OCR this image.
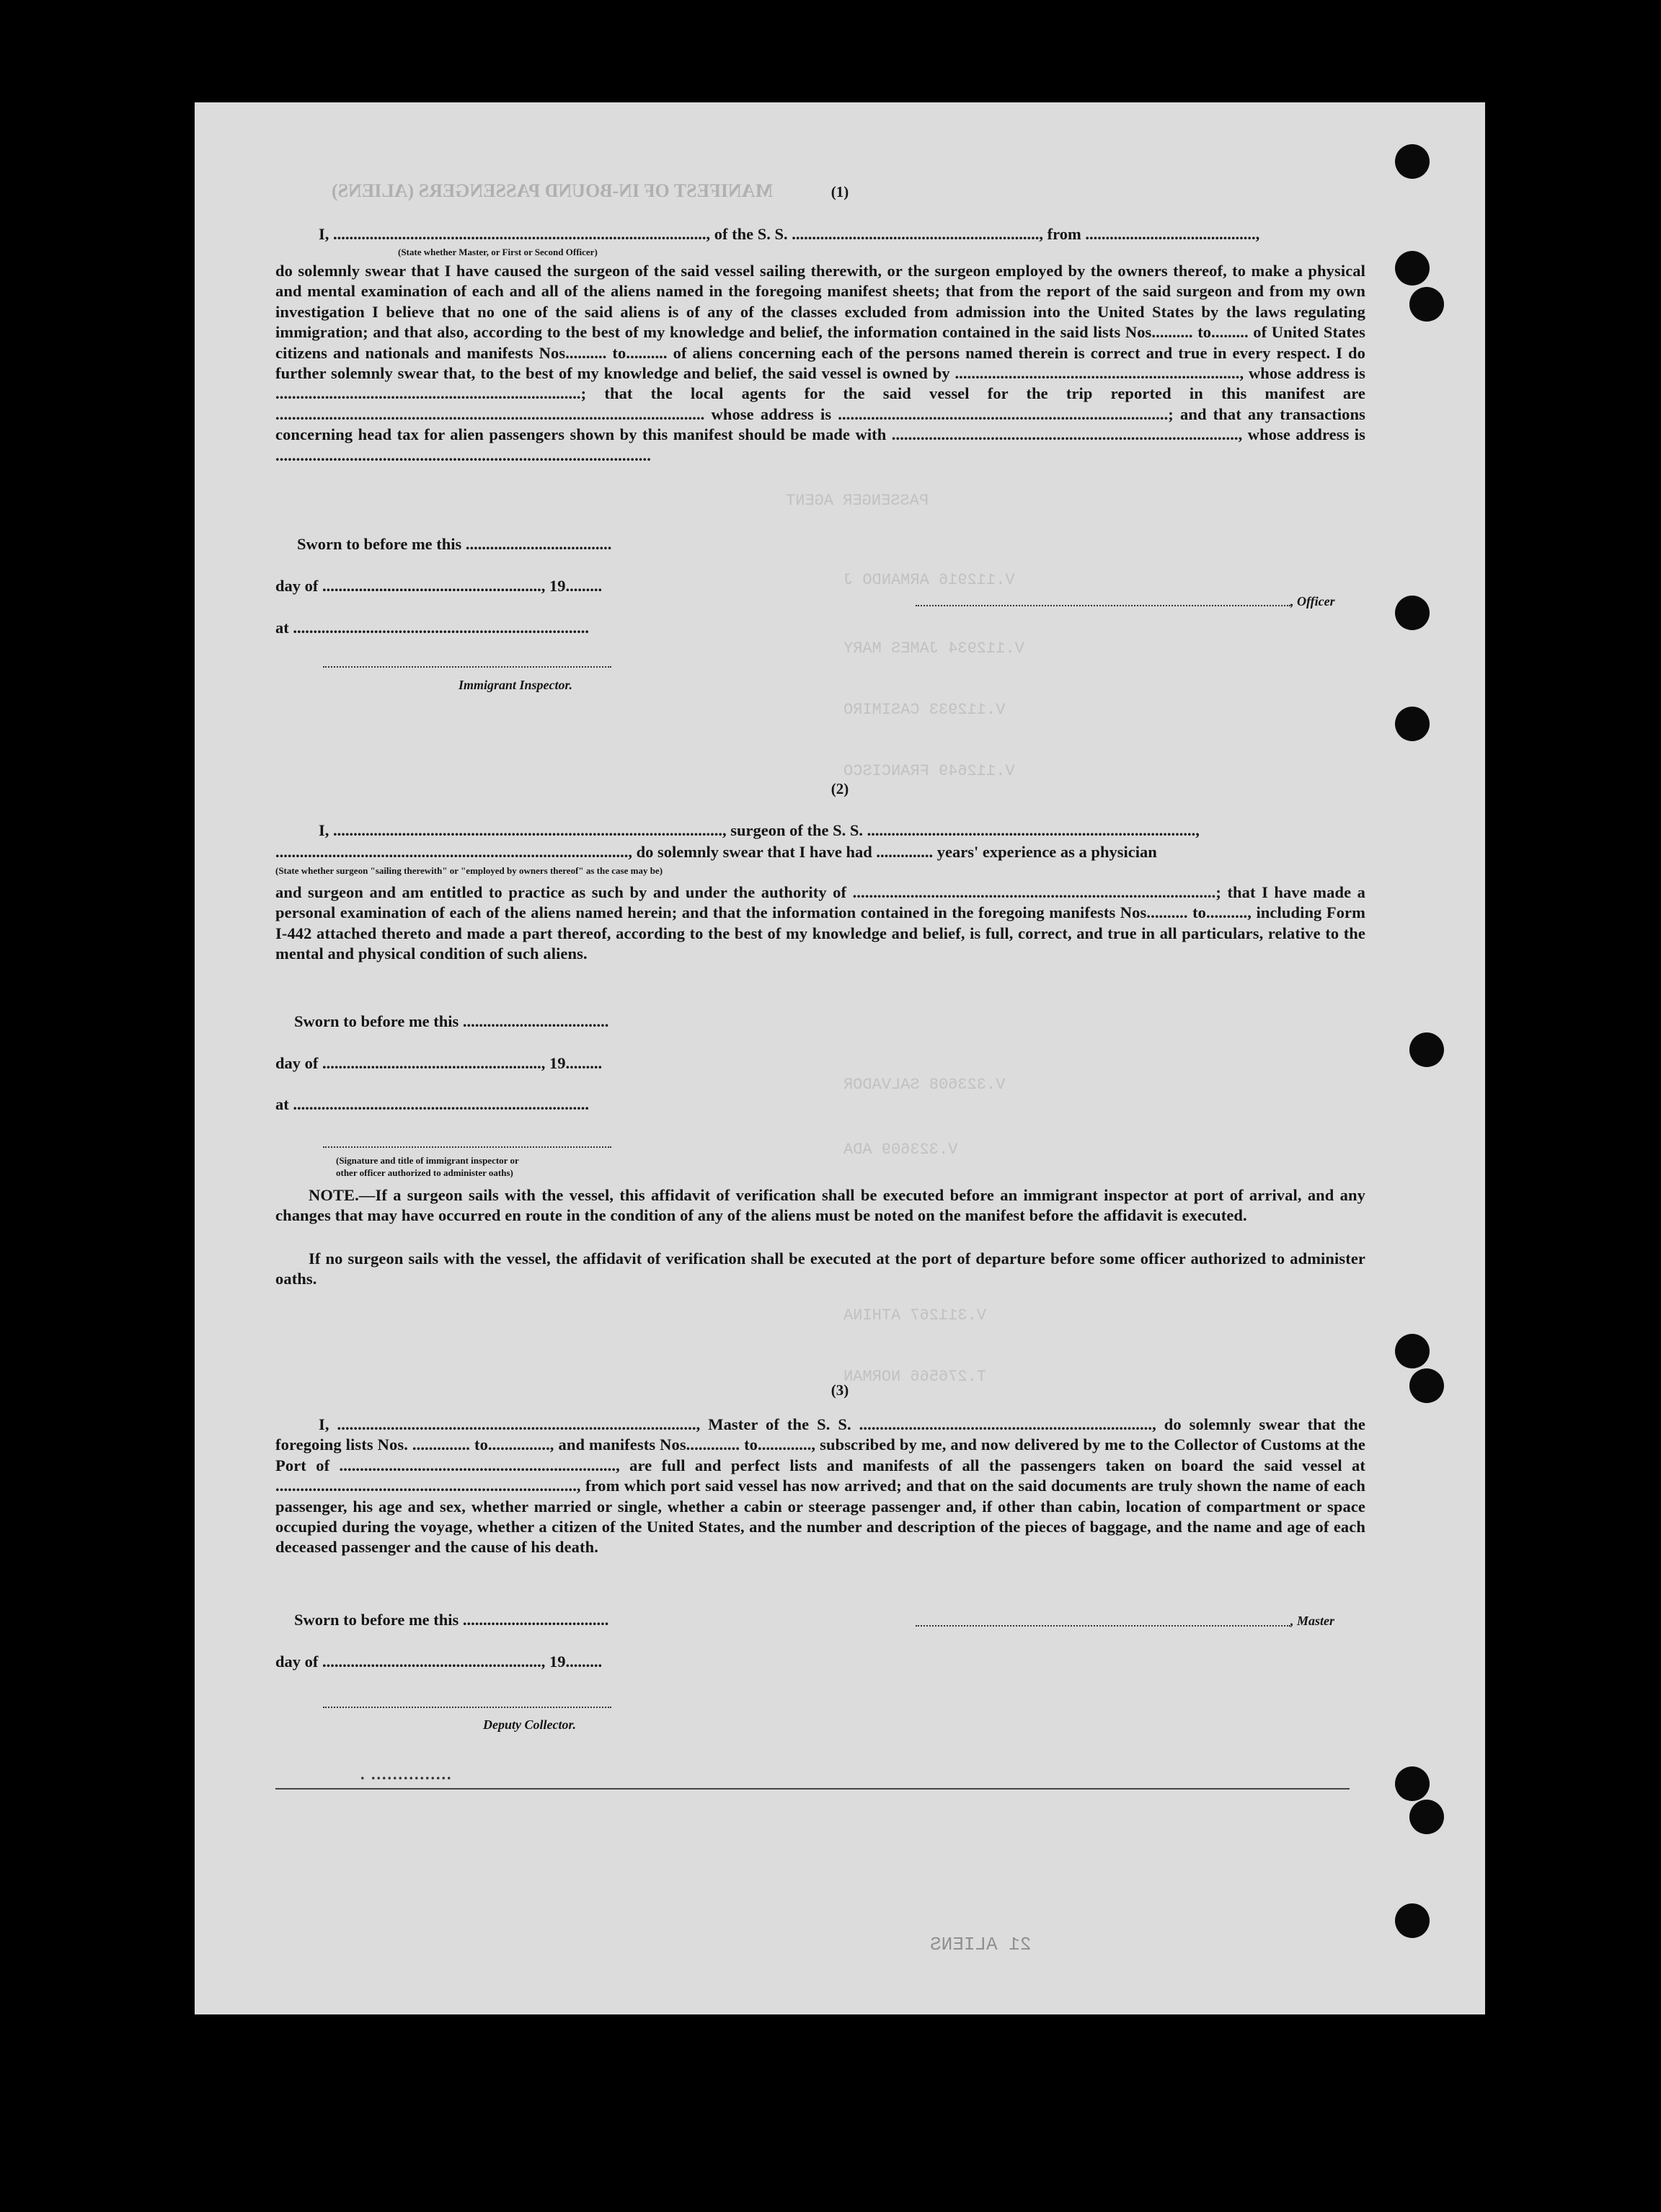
MANIFEST OF IN-BOUND PASSENGERS (ALIENS)
PASSENGER AGENT
V.112916 ARMANDO J
V.112934 JAMES MARY
V.112933 CASIMIRO
V.112649 FRANCISCO
V.323608 SALVADOR
V.323609 ADA
V.311267 ATHINA
T.276566 NORMAN
21 ALIENS
(1)
I, ............................................................................................, of the S. S. ............................................................., from ..........................................,
(State whether Master, or First or Second Officer)
do solemnly swear that I have caused the surgeon of the said vessel sailing therewith, or the surgeon employed by the owners thereof, to make a physical and mental examination of each and all of the aliens named in the foregoing manifest sheets; that from the report of the said surgeon and from my own investigation I believe that no one of the said aliens is of any of the classes excluded from admission into the United States by the laws regulating immigration; and that also, according to the best of my knowledge and belief, the information contained in the said lists Nos.......... to......... of United States citizens and nationals and manifests Nos.......... to.......... of aliens concerning each of the persons named therein is correct and true in every respect. I do further solemnly swear that, to the best of my knowledge and belief, the said vessel is owned by ....................................................................., whose address is ..........................................................................; that the local agents for the said vessel for the trip reported in this manifest are ........................................................................................................ whose address is ................................................................................; and that any transactions concerning head tax for alien passengers shown by this manifest should be made with ...................................................................................., whose address is ...........................................................................................
Sworn to before me this ....................................
day of ......................................................, 19.........
at .........................................................................
, Officer
Immigrant Inspector.
(2)
I, ................................................................................................, surgeon of the S. S. .................................................................................,
......................................................................................., do solemnly swear that I have had .............. years' experience as a physician
(State whether surgeon "sailing therewith" or "employed by owners thereof" as the case may be)
and surgeon and am entitled to practice as such by and under the authority of ........................................................................................; that I have made a personal examination of each of the aliens named herein; and that the information contained in the foregoing manifests Nos.......... to.........., including Form I-442 attached thereto and made a part thereof, according to the best of my knowledge and belief, is full, correct, and true in all particulars, relative to the mental and physical condition of such aliens.
Sworn to before me this ....................................
day of ......................................................, 19.........
at .........................................................................
(Signature and title of immigrant inspector or
other officer authorized to administer oaths)
NOTE.—If a surgeon sails with the vessel, this affidavit of verification shall be executed before an immigrant inspector at port of arrival, and any changes that may have occurred en route in the condition of any of the aliens must be noted on the manifest before the affidavit is executed.
If no surgeon sails with the vessel, the affidavit of verification shall be executed at the port of departure before some officer authorized to administer oaths.
(3)
I, ......................................................................................., Master of the S. S. ......................................................................., do solemnly swear that the foregoing lists Nos. .............. to..............., and manifests Nos............. to............., subscribed by me, and now delivered by me to the Collector of Customs at the Port of ..................................................................., are full and perfect lists and manifests of all the passengers taken on board the said vessel at ........................................................................., from which port said vessel has now arrived; and that on the said documents are truly shown the name of each passenger, his age and sex, whether married or single, whether a cabin or steerage passenger and, if other than cabin, location of compartment or space occupied during the voyage, whether a citizen of the United States, and the number and description of the pieces of baggage, and the name and age of each deceased passenger and the cause of his death.
Sworn to before me this ....................................	, Master
day of ......................................................, 19.........
Deputy Collector.
. ...............
